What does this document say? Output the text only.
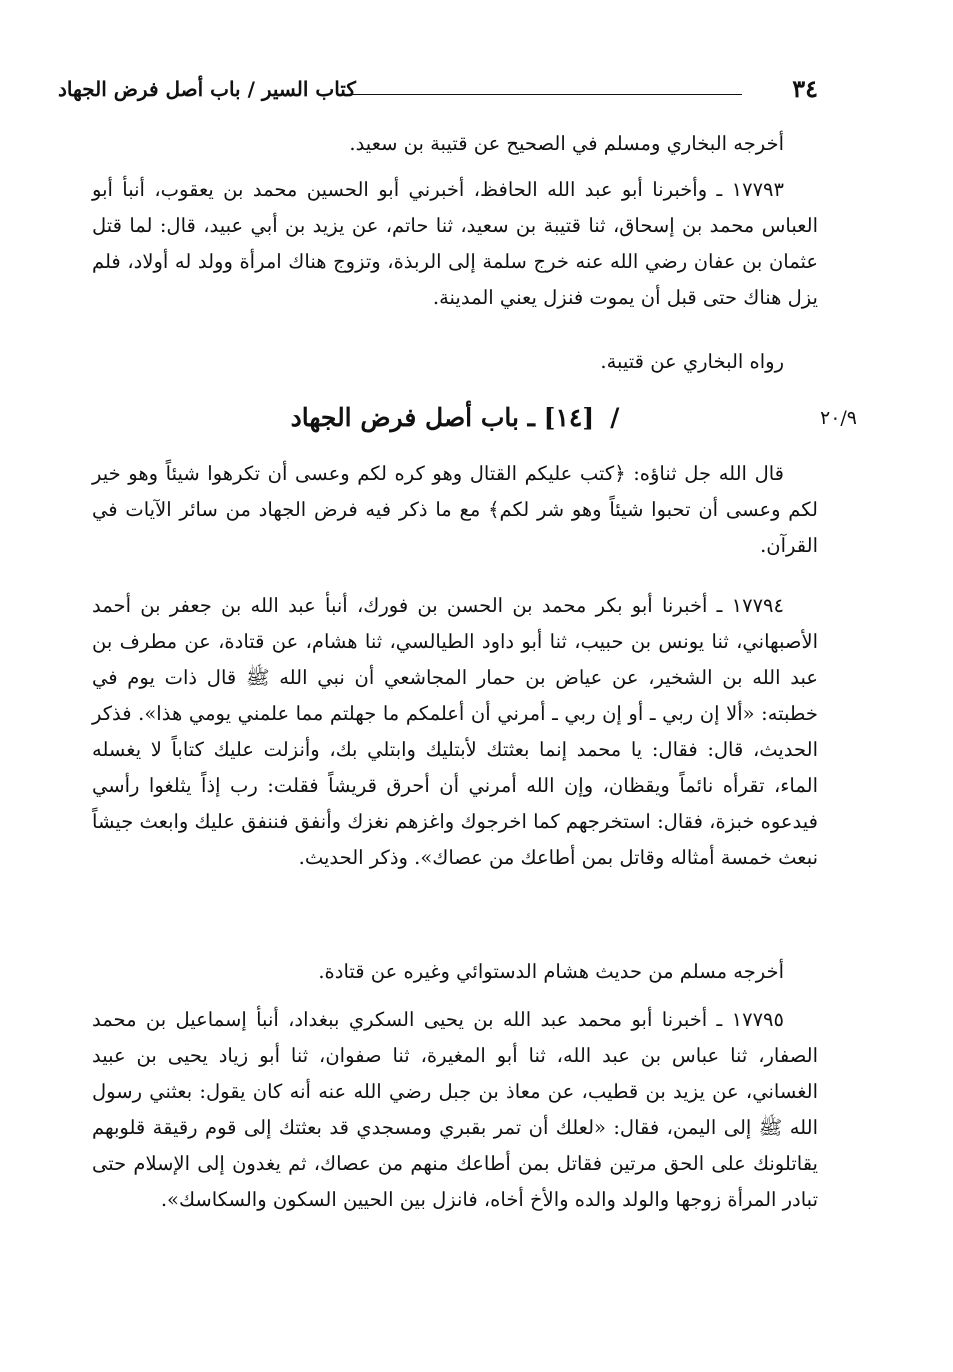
٣٤
كتاب السير / باب أصل فرض الجهاد

أخرجه البخاري ومسلم في الصحيح عن قتيبة بن سعيد.

١٧٧٩٣ ـ وأخبرنا أبو عبد الله الحافظ، أخبرني أبو الحسين محمد بن يعقوب، أنبأ أبو العباس محمد بن إسحاق، ثنا قتيبة بن سعيد، ثنا حاتم، عن يزيد بن أبي عبيد، قال: لما قتل عثمان بن عفان رضي الله عنه خرج سلمة إلى الربذة، وتزوج هناك امرأة وولد له أولاد، فلم يزل هناك حتى قبل أن يموت فنزل يعني المدينة.

رواه البخاري عن قتيبة.

٢٠/٩
/[١٤] ـ باب أصل فرض الجهاد

قال الله جل ثناؤه: ﴿كتب عليكم القتال وهو كره لكم وعسى أن تكرهوا شيئاً وهو خير لكم وعسى أن تحبوا شيئاً وهو شر لكم﴾ مع ما ذكر فيه فرض الجهاد من سائر الآيات في القرآن.

١٧٧٩٤ ـ أخبرنا أبو بكر محمد بن الحسن بن فورك، أنبأ عبد الله بن جعفر بن أحمد الأصبهاني، ثنا يونس بن حبيب، ثنا أبو داود الطيالسي، ثنا هشام، عن قتادة، عن مطرف بن عبد الله بن الشخير، عن عياض بن حمار المجاشعي أن نبي الله ﷺ قال ذات يوم في خطبته: «ألا إن ربي ـ أو إن ربي ـ أمرني أن أعلمكم ما جهلتم مما علمني يومي هذا». فذكر الحديث، قال: فقال: يا محمد إنما بعثتك لأبتليك وابتلي بك، وأنزلت عليك كتاباً لا يغسله الماء، تقرأه نائماً ويقظان، وإن الله أمرني أن أحرق قريشاً فقلت: رب إذاً يثلغوا رأسي فيدعوه خبزة، فقال: استخرجهم كما اخرجوك واغزهم نغزك وأنفق فننفق عليك وابعث جيشاً نبعث خمسة أمثاله وقاتل بمن أطاعك من عصاك». وذكر الحديث.

أخرجه مسلم من حديث هشام الدستوائي وغيره عن قتادة.

١٧٧٩٥ ـ أخبرنا أبو محمد عبد الله بن يحيى السكري ببغداد، أنبأ إسماعيل بن محمد الصفار، ثنا عباس بن عبد الله، ثنا أبو المغيرة، ثنا صفوان، ثنا أبو زياد يحيى بن عبيد الغساني، عن يزيد بن قطيب، عن معاذ بن جبل رضي الله عنه أنه كان يقول: بعثني رسول الله ﷺ إلى اليمن، فقال: «لعلك أن تمر بقبري ومسجدي قد بعثتك إلى قوم رقيقة قلوبهم يقاتلونك على الحق مرتين فقاتل بمن أطاعك منهم من عصاك، ثم يغدون إلى الإسلام حتى تبادر المرأة زوجها والولد والده والأخ أخاه، فانزل بين الحيين السكون والسكاسك».
